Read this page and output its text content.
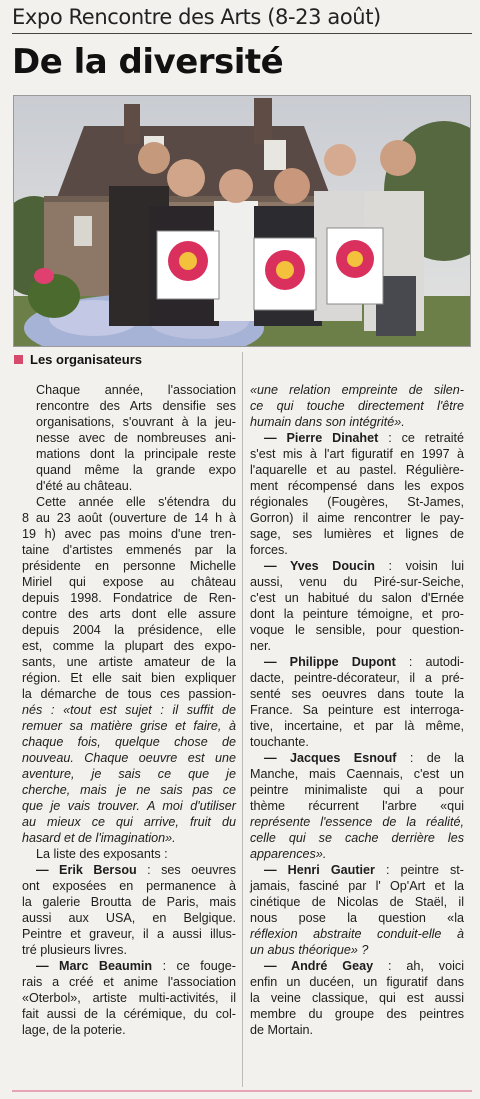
Expo Rencontre des Arts (8-23 août)
De la diversité
Les organisateurs
Chaque année, l'association
rencontre des Arts densifie ses
organisations, s'ouvrant à la jeu-
nesse avec de nombreuses ani-
mations dont la principale reste
quand même la grande expo
d'été au château.
Cette année elle s'étendra du
8 au 23 août (ouverture de 14 h à
19 h) avec pas moins d'une tren-
taine d'artistes emmenés par la
présidente en personne Michelle
Miriel qui expose au château
depuis 1998. Fondatrice de Ren-
contre des arts dont elle assure
depuis 2004 la présidence, elle
est, comme la plupart des expo-
sants, une artiste amateur de la
région. Et elle sait bien expliquer
la démarche de tous ces passion-
nés : «tout est sujet : il suffit de
remuer sa matière grise et faire, à
chaque fois, quelque chose de
nouveau. Chaque oeuvre est une
aventure, je sais ce que je
cherche, mais je ne sais pas ce
que je vais trouver. A moi d'utiliser
au mieux ce qui arrive, fruit du
hasard et de l'imagination».
La liste des exposants :
— Erik Bersou : ses oeuvres
ont exposées en permanence à
la galerie Broutta de Paris, mais
aussi aux USA, en Belgique.
Peintre et graveur, il a aussi illus-
tré plusieurs livres.
— Marc Beaumin : ce fouge-
rais a créé et anime l'association
«Oterbol», artiste multi-activités, il
fait aussi de la cérémique, du col-
lage, de la poterie.
«une relation empreinte de silen-
ce qui touche directement l'être
humain dans son intégrité».
— Pierre Dinahet : ce retraité
s'est mis à l'art figuratif en 1997 à
l'aquarelle et au pastel. Régulière-
ment récompensé dans les expos
régionales (Fougères, St-James,
Gorron) il aime rencontrer le pay-
sage, ses lumières et lignes de
forces.
— Yves Doucin : voisin lui
aussi, venu du Piré-sur-Seiche,
c'est un habitué du salon d'Ernée
dont la peinture témoigne, et pro-
voque le sensible, pour question-
ner.
— Philippe Dupont : autodi-
dacte, peintre-décorateur, il a pré-
senté ses oeuvres dans toute la
France. Sa peinture est interroga-
tive, incertaine, et par là même,
touchante.
— Jacques Esnouf : de la
Manche, mais Caennais, c'est un
peintre minimaliste qui a pour
thème récurrent l'arbre «qui
représente l'essence de la réalité,
celle qui se cache derrière les
apparences».
— Henri Gautier : peintre st-
jamais, fasciné par l' Op'Art et la
cinétique de Nicolas de Staël, il
nous pose la question «la
réflexion abstraite conduit-elle à
un abus théorique» ?
— André Geay : ah, voici
enfin un ducéen, un figuratif dans
la veine classique, qui est aussi
membre du groupe des peintres
de Mortain.
